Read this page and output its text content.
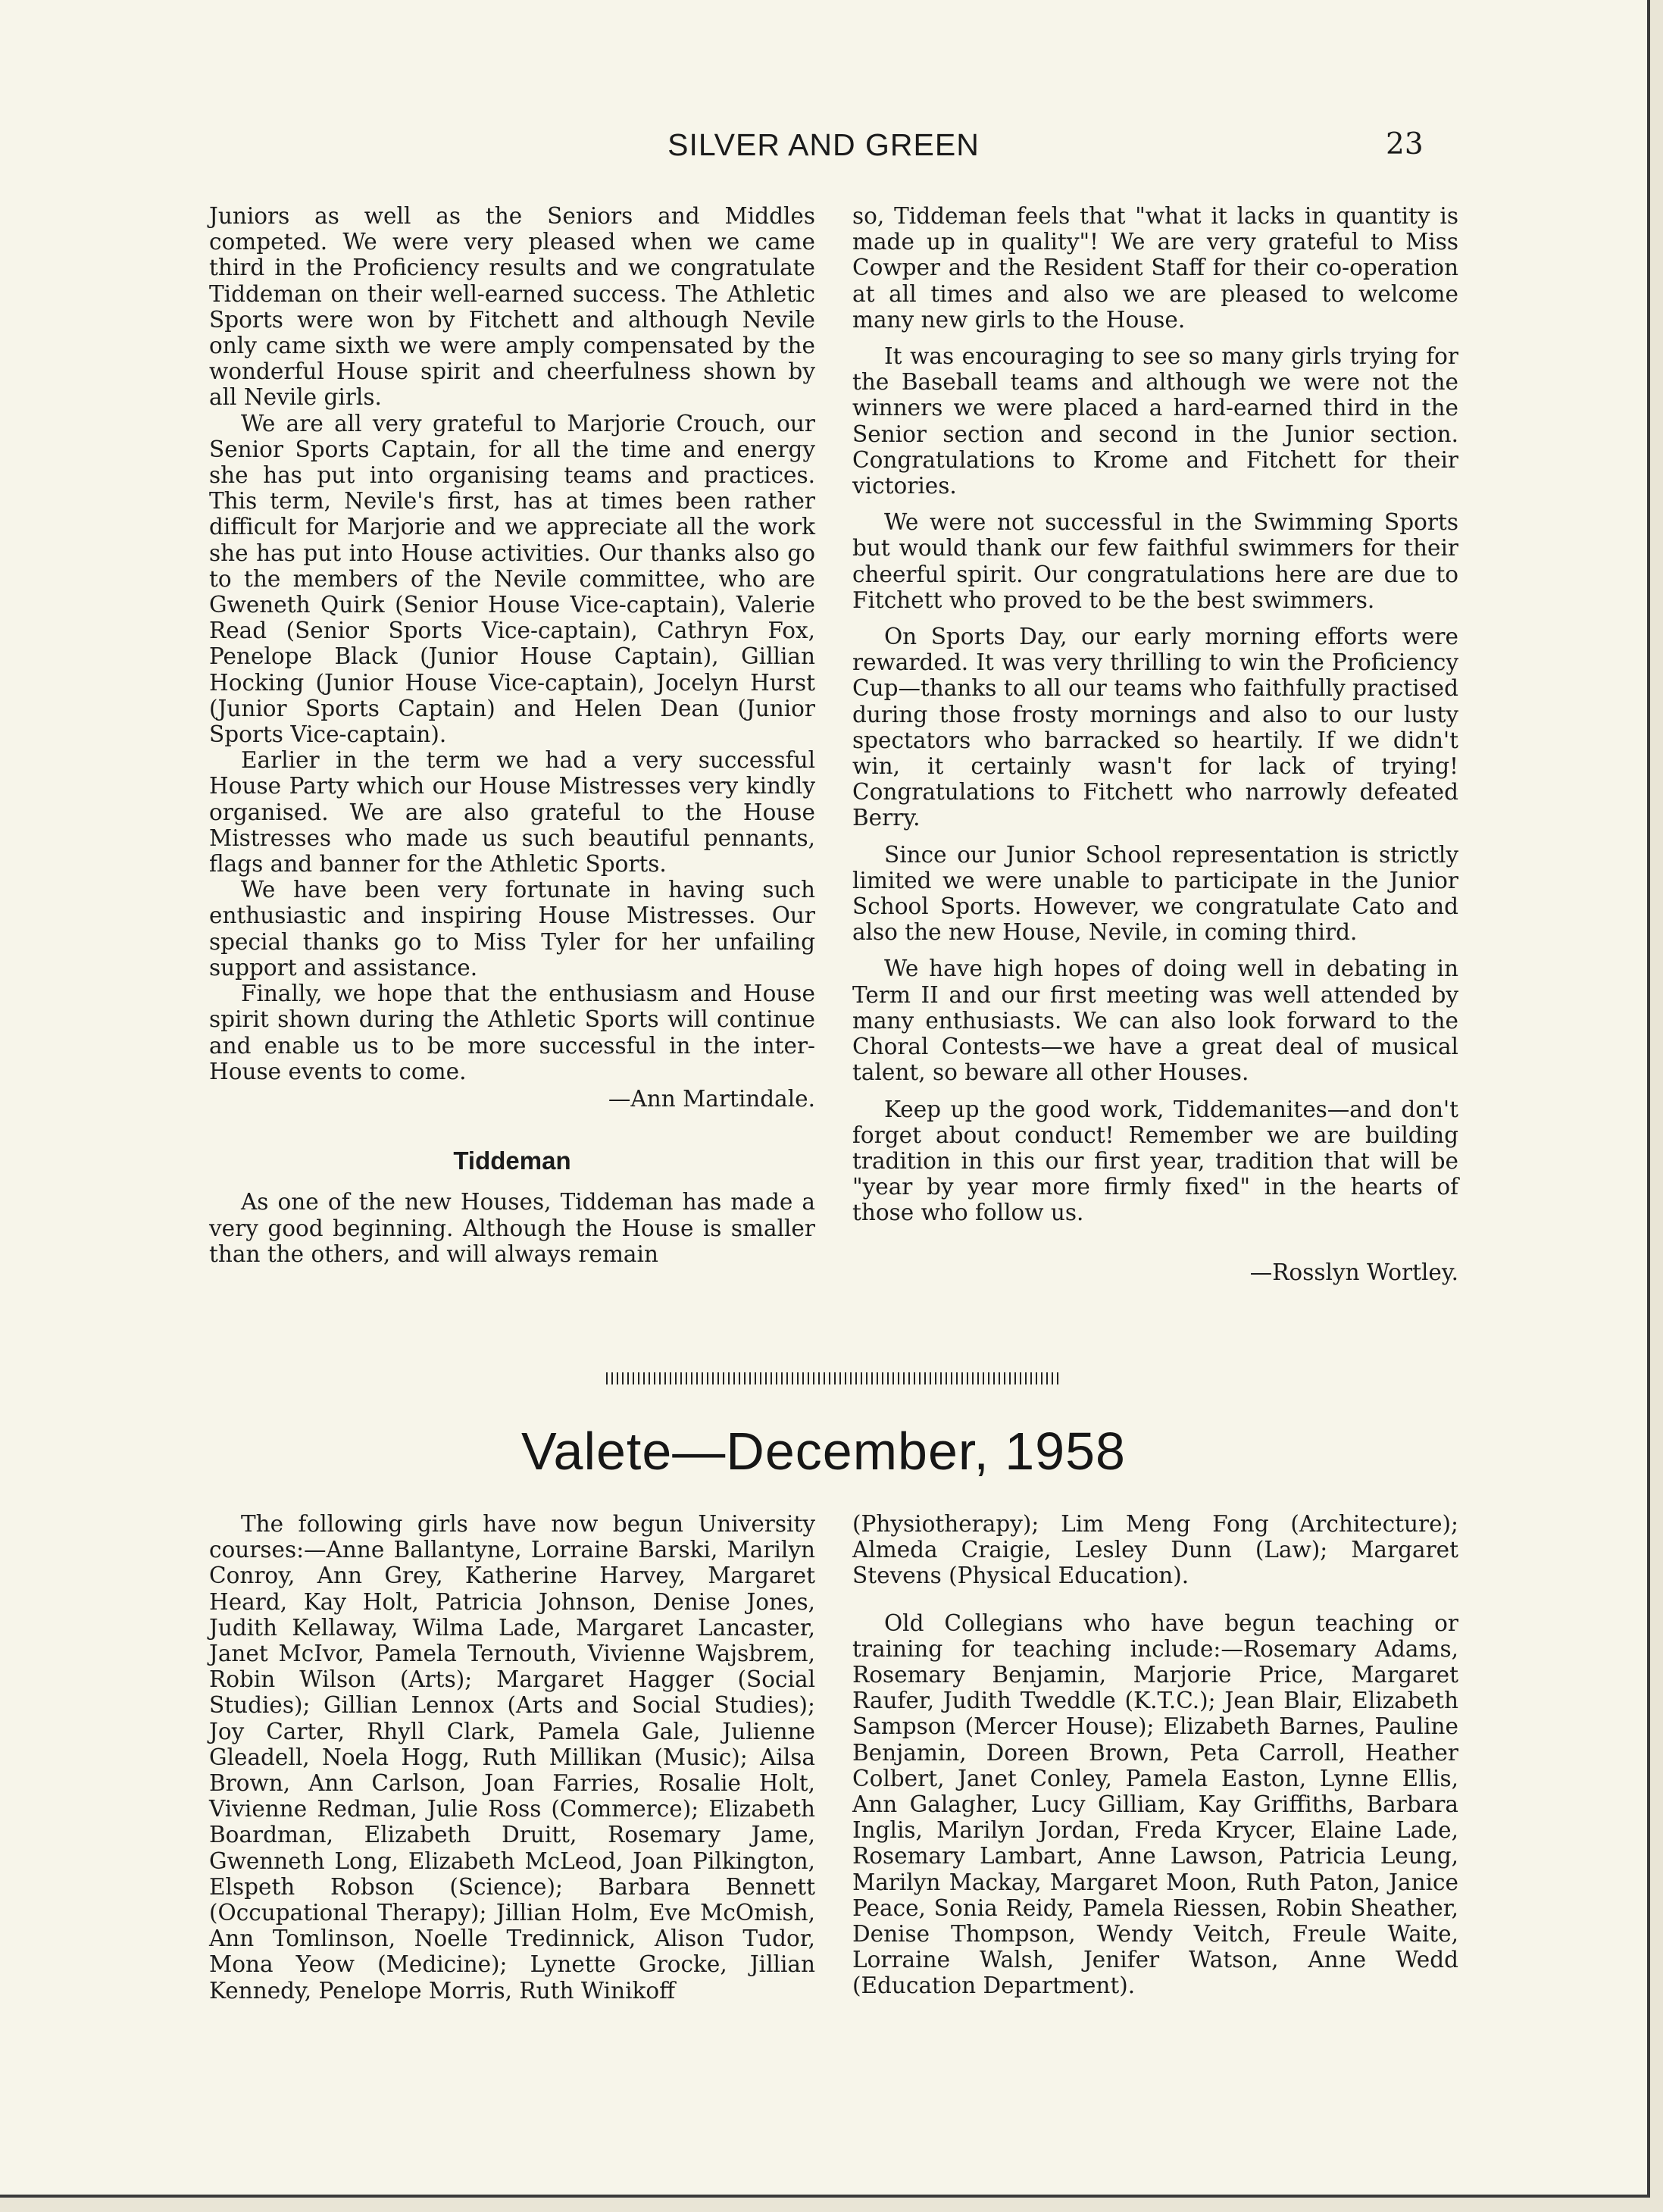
SILVER AND GREEN	23

Juniors as well as the Seniors and Middles competed. We were very pleased when we came third in the Proficiency results and we congratulate Tiddeman on their well-earned success. The Athletic Sports were won by Fitchett and although Nevile only came sixth we were amply compensated by the wonderful House spirit and cheerfulness shown by all Nevile girls.

We are all very grateful to Marjorie Crouch, our Senior Sports Captain, for all the time and energy she has put into organising teams and practices. This term, Nevile's first, has at times been rather difficult for Marjorie and we appreciate all the work she has put into House activities. Our thanks also go to the members of the Nevile committee, who are Gweneth Quirk (Senior House Vice-captain), Valerie Read (Senior Sports Vice-captain), Cathryn Fox, Penelope Black (Junior House Captain), Gillian Hocking (Junior House Vice-captain), Jocelyn Hurst (Junior Sports Captain) and Helen Dean (Junior Sports Vice-captain).

Earlier in the term we had a very successful House Party which our House Mistresses very kindly organised. We are also grateful to the House Mistresses who made us such beautiful pennants, flags and banner for the Athletic Sports.

We have been very fortunate in having such enthusiastic and inspiring House Mistresses. Our special thanks go to Miss Tyler for her unfailing support and assistance.

Finally, we hope that the enthusiasm and House spirit shown during the Athletic Sports will continue and enable us to be more successful in the inter-House events to come.

—Ann Martindale.
Tiddeman

As one of the new Houses, Tiddeman has made a very good beginning. Although the House is smaller than the others, and will always remain

so, Tiddeman feels that "what it lacks in quantity is made up in quality"! We are very grateful to Miss Cowper and the Resident Staff for their co-operation at all times and also we are pleased to welcome many new girls to the House.

It was encouraging to see so many girls trying for the Baseball teams and although we were not the winners we were placed a hard-earned third in the Senior section and second in the Junior section. Congratulations to Krome and Fitchett for their victories.

We were not successful in the Swimming Sports but would thank our few faithful swimmers for their cheerful spirit. Our congratulations here are due to Fitchett who proved to be the best swimmers.

On Sports Day, our early morning efforts were rewarded. It was very thrilling to win the Proficiency Cup—thanks to all our teams who faithfully practised during those frosty mornings and also to our lusty spectators who barracked so heartily. If we didn't win, it certainly wasn't for lack of trying! Congratulations to Fitchett who narrowly defeated Berry.

Since our Junior School representation is strictly limited we were unable to participate in the Junior School Sports. However, we congratulate Cato and also the new House, Nevile, in coming third.

We have high hopes of doing well in debating in Term II and our first meeting was well attended by many enthusiasts. We can also look forward to the Choral Contests—we have a great deal of musical talent, so beware all other Houses.

Keep up the good work, Tiddemanites—and don't forget about conduct! Remember we are building tradition in this our first year, tradition that will be "year by year more firmly fixed" in the hearts of those who follow us.

—Rosslyn Wortley.
Valete—December, 1958

The following girls have now begun University courses:—Anne Ballantyne, Lorraine Barski, Marilyn Conroy, Ann Grey, Katherine Harvey, Margaret Heard, Kay Holt, Patricia Johnson, Denise Jones, Judith Kellaway, Wilma Lade, Margaret Lancaster, Janet McIvor, Pamela Ternouth, Vivienne Wajsbrem, Robin Wilson (Arts); Margaret Hagger (Social Studies); Gillian Lennox (Arts and Social Studies); Joy Carter, Rhyll Clark, Pamela Gale, Julienne Gleadell, Noela Hogg, Ruth Millikan (Music); Ailsa Brown, Ann Carlson, Joan Farries, Rosalie Holt, Vivienne Redman, Julie Ross (Commerce); Elizabeth Boardman, Elizabeth Druitt, Rosemary Jame, Gwenneth Long, Elizabeth McLeod, Joan Pilkington, Elspeth Robson (Science); Barbara Bennett (Occupational Therapy); Jillian Holm, Eve McOmish, Ann Tomlinson, Noelle Tredinnick, Alison Tudor, Mona Yeow (Medicine); Lynette Grocke, Jillian Kennedy, Penelope Morris, Ruth Winikoff

(Physiotherapy); Lim Meng Fong (Architecture); Almeda Craigie, Lesley Dunn (Law); Margaret Stevens (Physical Education).

Old Collegians who have begun teaching or training for teaching include:—Rosemary Adams, Rosemary Benjamin, Marjorie Price, Margaret Raufer, Judith Tweddle (K.T.C.); Jean Blair, Elizabeth Sampson (Mercer House); Elizabeth Barnes, Pauline Benjamin, Doreen Brown, Peta Carroll, Heather Colbert, Janet Conley, Pamela Easton, Lynne Ellis, Ann Galagher, Lucy Gilliam, Kay Griffiths, Barbara Inglis, Marilyn Jordan, Freda Krycer, Elaine Lade, Rosemary Lambart, Anne Lawson, Patricia Leung, Marilyn Mackay, Margaret Moon, Ruth Paton, Janice Peace, Sonia Reidy, Pamela Riessen, Robin Sheather, Denise Thompson, Wendy Veitch, Freule Waite, Lorraine Walsh, Jenifer Watson, Anne Wedd (Education Department).
